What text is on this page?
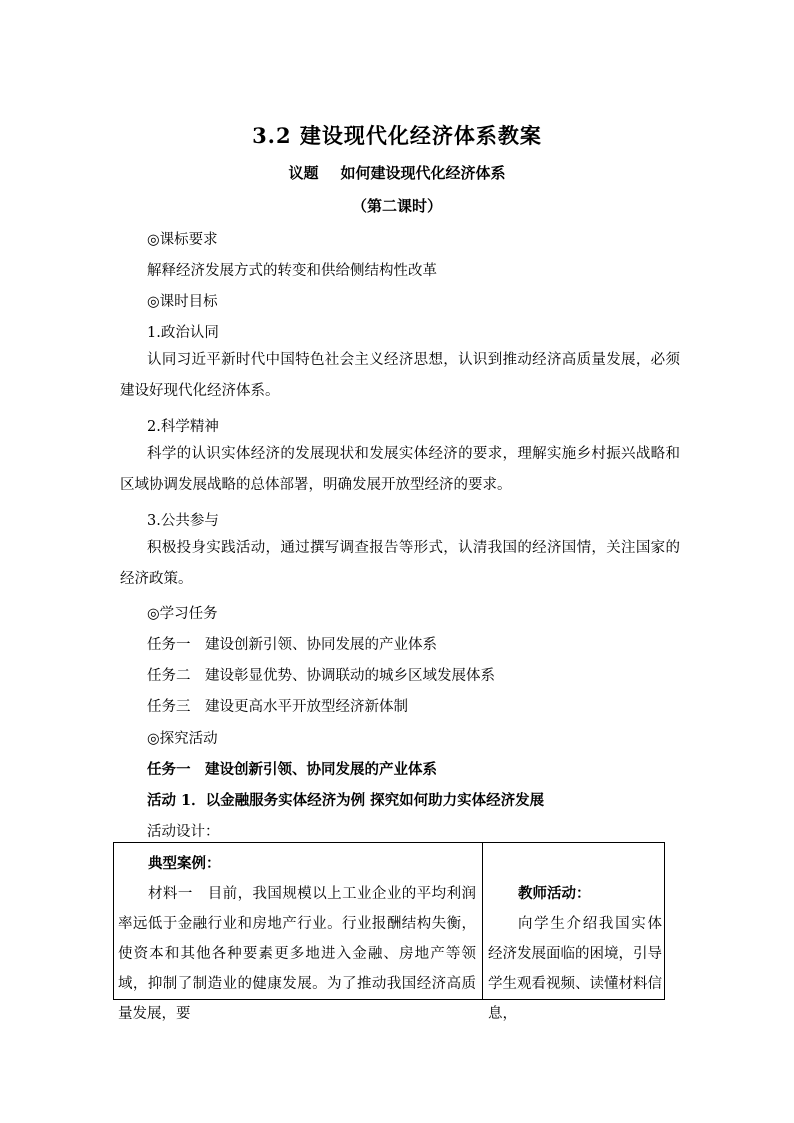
3.2 建设现代化经济体系教案
议题 如何建设现代化经济体系
（第二课时）
◎课标要求
解释经济发展方式的转变和供给侧结构性改革
◎课时目标
1.政治认同
认同习近平新时代中国特色社会主义经济思想，认识到推动经济高质量发展，必须建设好现代化经济体系。
2.科学精神
科学的认识实体经济的发展现状和发展实体经济的要求，理解实施乡村振兴战略和区域协调发展战略的总体部署，明确发展开放型经济的要求。
3.公共参与
积极投身实践活动，通过撰写调查报告等形式，认清我国的经济国情，关注国家的经济政策。
◎学习任务
任务一　建设创新引领、协同发展的产业体系
任务二　建设彰显优势、协调联动的城乡区域发展体系
任务三　建设更高水平开放型经济新体制
◎探究活动
任务一　建设创新引领、协同发展的产业体系
活动 1．以金融服务实体经济为例 探究如何助力实体经济发展
活动设计：
典型案例：
材料一　目前，我国规模以上工业企业的平均利润率远低于金融行业和房地产行业。行业报酬结构失衡，使资本和其他各种要素更多地进入金融、房地产等领域，抑制了制造业的健康发展。为了推动我国经济高质量发展，要
教师活动：
向学生介绍我国实体经济发展面临的困境，引导学生观看视频、读懂材料信息，
